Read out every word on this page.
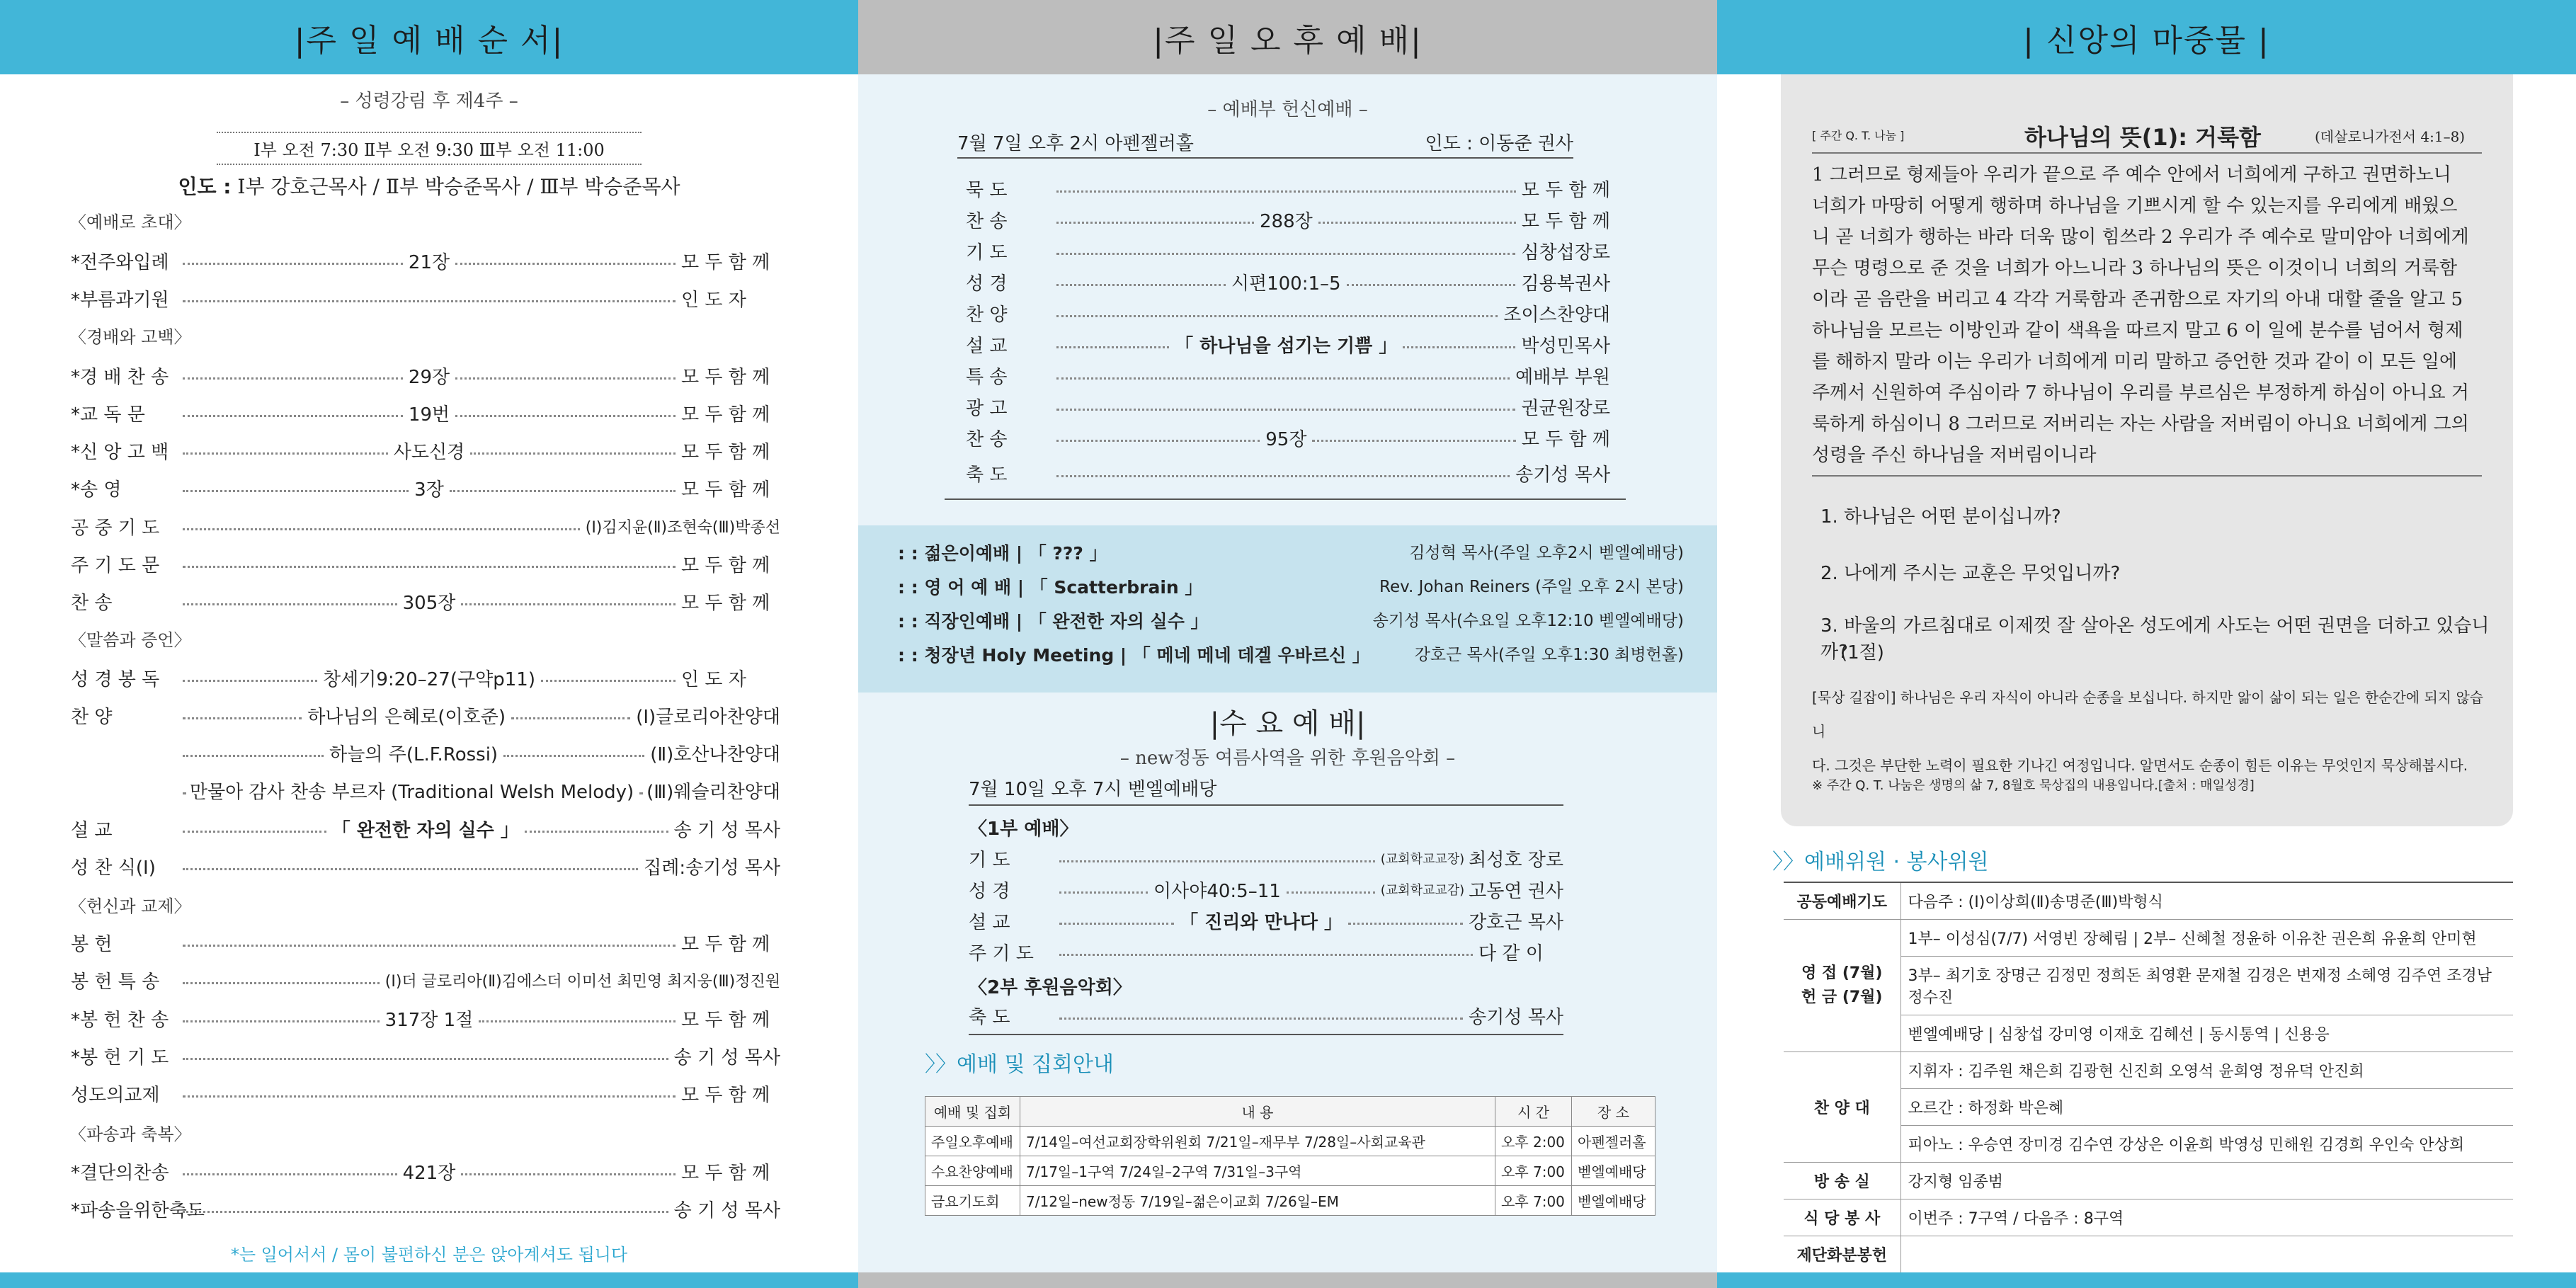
|주 일 예 배 순 서|
– 성령강림 후 제4주 –
Ⅰ부 오전 7:30 Ⅱ부 오전 9:30 Ⅲ부 오전 11:00
인도 : Ⅰ부 강호근목사 / Ⅱ부 박승준목사 / Ⅲ부 박승준목사
〈예배로 초대〉
〈경배와 고백〉
〈말씀과 증언〉
〈헌신과 교제〉
〈파송과 축복〉
*전주와입례	21장	모 두 함 께
*부름과기원	인 도 자
*경 배 찬 송	29장	모 두 함 께
*교 독 문	19번	모 두 함 께
*신 앙 고 백	사도신경	모 두 함 께
*송 영	3장	모 두 함 께
공 중 기 도	(Ⅰ)김지윤(Ⅱ)조현숙(Ⅲ)박종선
주 기 도 문	모 두 함 께
찬 송	305장	모 두 함 께
성 경 봉 독	창세기9:20–27(구약p11)	인 도 자
찬 양	하나님의 은혜로(이호준)	(Ⅰ)글로리아찬양대
하늘의 주(L.F.Rossi)	(Ⅱ)호산나찬양대
만물아 감사 찬송 부르자 (Traditional Welsh Melody) (Ⅲ)웨슬리찬양대
설 교	「 완전한 자의 실수 」	송 기 성 목사
성 찬 식(I)	집례:송기성 목사
봉 헌	모 두 함 께
봉 헌 특 송	(Ⅰ)더 글로리아(Ⅱ)김에스더 이미선 최민영 최지웅(Ⅲ)정진원
*봉 헌 찬 송	317장 1절	모 두 함 께
*봉 헌 기 도	송 기 성 목사
성도의교제	모 두 함 께
*결단의찬송	421장	모 두 함 께
*파송을위한축도	송 기 성 목사
*는 일어서서 / 몸이 불편하신 분은 앉아계셔도 됩니다
|주 일 오 후 예 배|
– 예배부 헌신예배 –
7월 7일 오후 2시 아펜젤러홀	인도 : 이동준 권사
묵 도	모 두 함 께
찬 송	288장	모 두 함 께
기 도	심창섭장로
성 경	시편100:1–5	김용복권사
찬 양	조이스찬양대
설 교	「 하나님을 섬기는 기쁨 」	박성민목사
특 송	예배부 부원
광 고	권균원장로
찬 송	95장	모 두 함 께
축 도	송기성 목사
: : 젊은이예배 | 「 ??? 」	김성혁 목사(주일 오후2시 벧엘예배당)
: : 영 어 예 배 | 「 Scatterbrain 」	Rev. Johan Reiners (주일 오후 2시 본당)
: : 직장인예배 | 「 완전한 자의 실수 」	송기성 목사(수요일 오후12:10 벧엘예배당)
: : 청장년 Holy Meeting | 「 메네 메네 데겔 우바르신 」	강호근 목사(주일 오후1:30 최병헌홀)
|수 요 예 배|
– new정동 여름사역을 위한 후원음악회 –
7월 10일 오후 7시 벧엘예배당
〈1부 예배〉
기 도	(교회학교교장) 최성호 장로
성 경	이사야40:5–11	(교회학교교감) 고동연 권사
설 교	「 진리와 만나다 」	강호근 목사
주 기 도	다 같 이
〈2부 후원음악회〉
축 도	송기성 목사
〉〉예배 및 집회안내
예배 및 집회	내 용	시 간	장 소
주일오후예배	7/14일–여선교회장학위원회 7/21일–재무부 7/28일–사회교육관	오후 2:00	아펜젤러홀
수요찬양예배	7/17일–1구역 7/24일–2구역 7/31일–3구역	오후 7:00	벧엘예배당
금요기도회	7/12일–new정동 7/19일–젊은이교회 7/26일–EM	오후 7:00	벧엘예배당
| 신앙의 마중물 |
[ 주간 Q. T. 나눔 ]	하나님의 뜻(1): 거룩함	(데살로니가전서 4:1–8)
1 그러므로 형제들아 우리가 끝으로 주 예수 안에서 너희에게 구하고 권면하노니
너희가 마땅히 어떻게 행하며 하나님을 기쁘시게 할 수 있는지를 우리에게 배웠으
니 곧 너희가 행하는 바라 더욱 많이 힘쓰라 2 우리가 주 예수로 말미암아 너희에게
무슨 명령으로 준 것을 너희가 아느니라 3 하나님의 뜻은 이것이니 너희의 거룩함
이라 곧 음란을 버리고 4 각각 거룩함과 존귀함으로 자기의 아내 대할 줄을 알고 5
하나님을 모르는 이방인과 같이 색욕을 따르지 말고 6 이 일에 분수를 넘어서 형제
를 해하지 말라 이는 우리가 너희에게 미리 말하고 증언한 것과 같이 이 모든 일에
주께서 신원하여 주심이라 7 하나님이 우리를 부르심은 부정하게 하심이 아니요 거
룩하게 하심이니 8 그러므로 저버리는 자는 사람을 저버림이 아니요 너희에게 그의
성령을 주신 하나님을 저버림이니라
1. 하나님은 어떤 분이십니까?
2. 나에게 주시는 교훈은 무엇입니까?
3. 바울의 가르침대로 이제껏 잘 살아온 성도에게 사도는 어떤 권면을 더하고 있습니까?
(1절)
[묵상 길잡이] 하나님은 우리 자식이 아니라 순종을 보십니다. 하지만 앎이 삶이 되는 일은 한순간에 되지 않습니
다. 그것은 부단한 노력이 필요한 기나긴 여정입니다. 알면서도 순종이 힘든 이유는 무엇인지 묵상해봅시다.
※ 주간 Q. T. 나눔은 생명의 삶 7, 8월호 묵상집의 내용입니다.[출처 : 매일성경]
〉〉예배위원 · 봉사위원
공동예배기도	다음주 : (Ⅰ)이상희(Ⅱ)송명준(Ⅲ)박형식

영 접 (7월)
헌 금 (7월)	1부– 이성심(7/7) 서영빈 장혜림 | 2부– 신혜철 정윤하 이유찬 권은희 유윤희 안미현
	3부– 최기호 장명근 김정민 정희돈 최영환 문재철 김경은 변재정 소혜영 김주연 조경남 정수진
	벧엘예배당 | 심창섭 강미영 이재호 김혜선 | 동시통역 | 신용응
찬 양 대	지휘자 : 김주원 채은희 김광현 신진희 오영석 윤희영 정유덕 안진희
	오르간 : 하정화 박은혜
	피아노 : 우승연 장미경 김수연 강상은 이윤희 박영성 민해원 김경희 우인숙 안상희
방 송 실	강지형 임종범
식 당 봉 사	이번주 : 7구역 / 다음주 : 8구역
제단화분봉헌	
